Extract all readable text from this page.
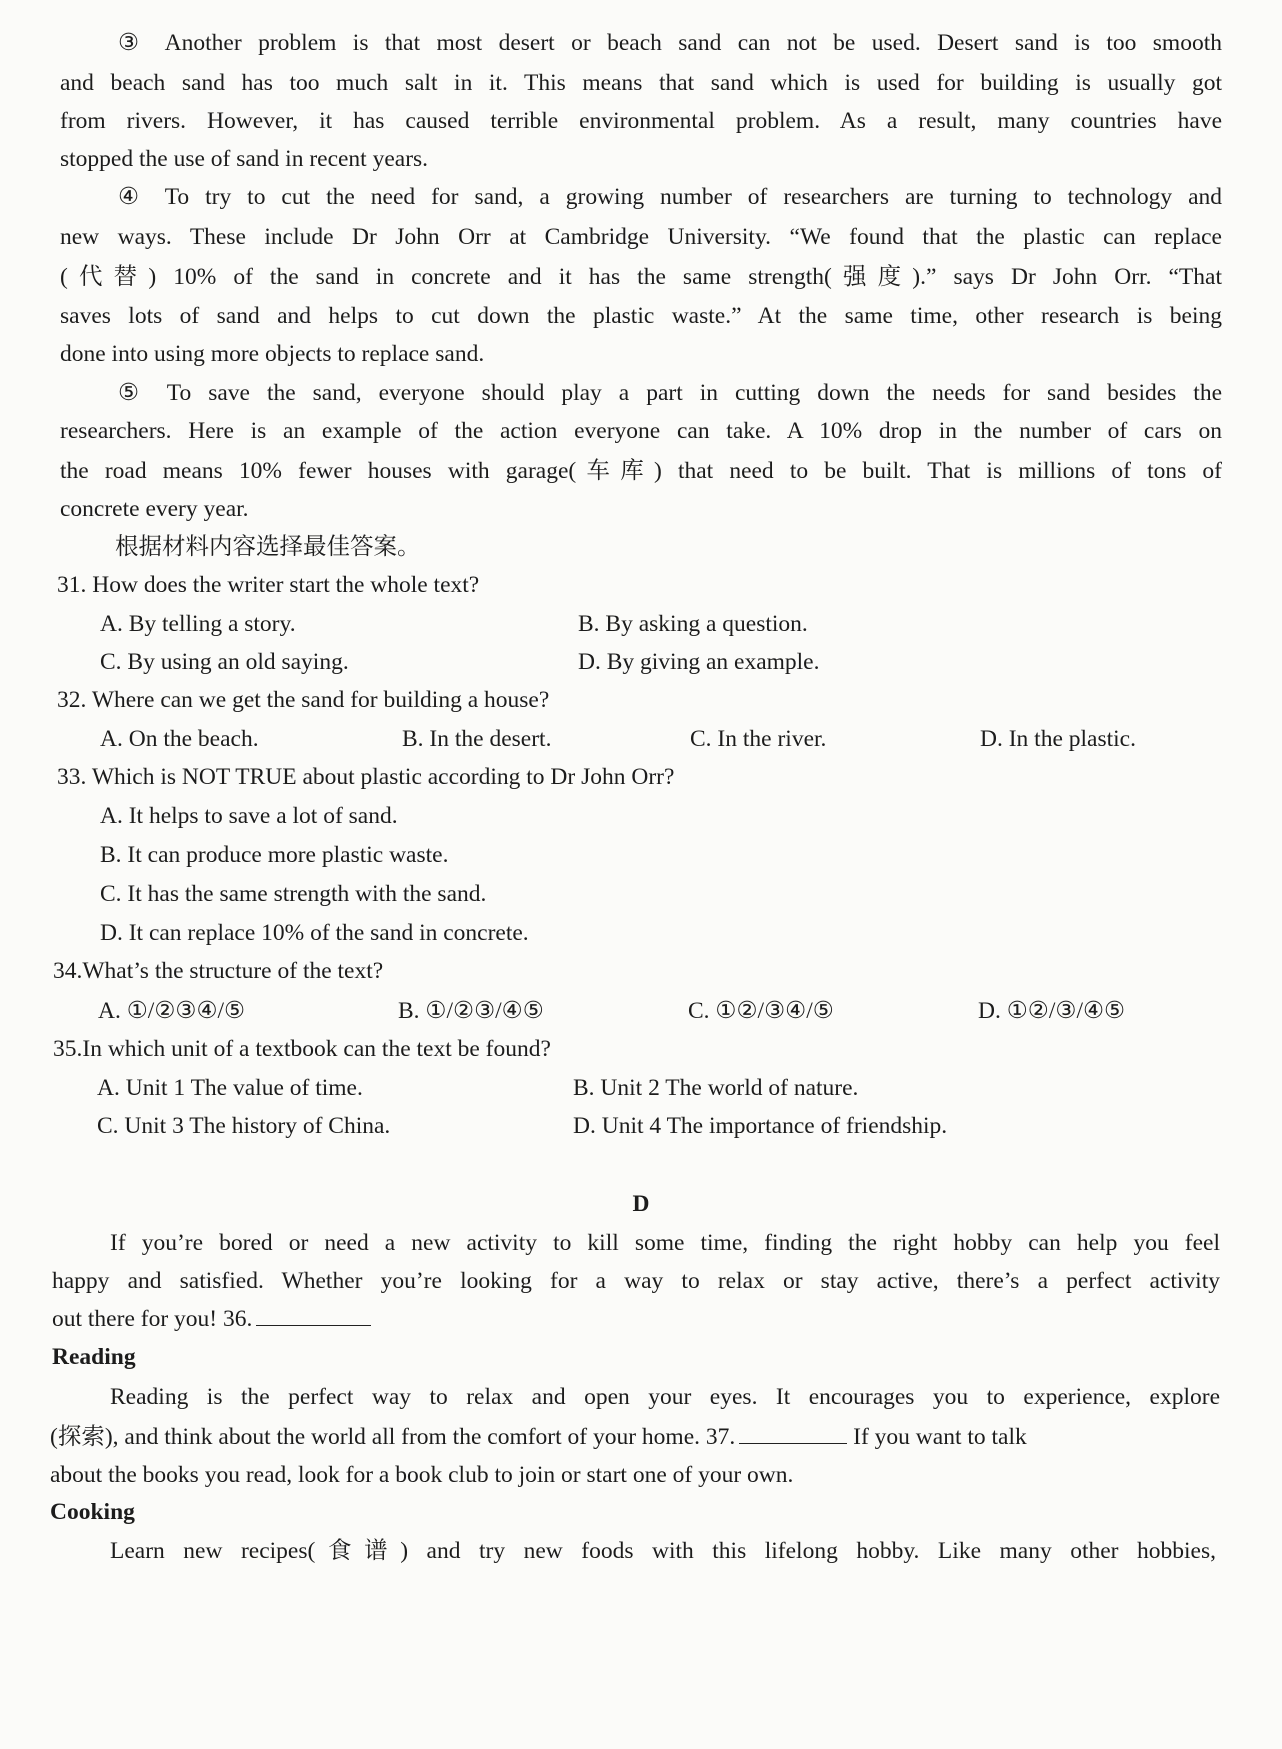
③ Another problem is that most desert or beach sand can not be used. Desert sand is too smooth
and beach sand has too much salt in it. This means that sand which is used for building is usually got
from rivers. However, it has caused terrible environmental problem. As a result, many countries have
stopped the use of sand in recent years.
④ To try to cut the need for sand, a growing number of researchers are turning to technology and
new ways. These include Dr John Orr at Cambridge University. “We found that the plastic can replace
(代替) 10% of the sand in concrete and it has the same strength(强度).” says Dr John Orr. “That
saves lots of sand and helps to cut down the plastic waste.” At the same time, other research is being
done into using more objects to replace sand.
⑤ To save the sand, everyone should play a part in cutting down the needs for sand besides the
researchers. Here is an example of the action everyone can take. A 10% drop in the number of cars on
the road means 10% fewer houses with garage(车库) that need to be built. That is millions of tons of
concrete every year.
根据材料内容选择最佳答案。
31. How does the writer start the whole text?
A. By telling a story.	B. By asking a question.
C. By using an old saying.	D. By giving an example.
32. Where can we get the sand for building a house?
A. On the beach.	B. In the desert.	C. In the river.	D. In the plastic.
33. Which is NOT TRUE about plastic according to Dr John Orr?
A. It helps to save a lot of sand.
B. It can produce more plastic waste.
C. It has the same strength with the sand.
D. It can replace 10% of the sand in concrete.
34.What’s the structure of the text?
A. ①/②③④/⑤	B. ①/②③/④⑤	C. ①②/③④/⑤	D. ①②/③/④⑤
35.In which unit of a textbook can the text be found?
A. Unit 1 The value of time.	B. Unit 2 The world of nature.
C. Unit 3 The history of China.	D. Unit 4 The importance of friendship.
D
If you’re bored or need a new activity to kill some time, finding the right hobby can help you feel
happy and satisfied. Whether you’re looking for a way to relax or stay active, there’s a perfect activity
out there for you! 36.
Reading
Reading is the perfect way to relax and open your eyes. It encourages you to experience, explore
(探索), and think about the world all from the comfort of your home. 37.	If you want to talk
about the books you read, look for a book club to join or start one of your own.
Cooking
Learn new recipes(食谱) and try new foods with this lifelong hobby. Like many other hobbies,
